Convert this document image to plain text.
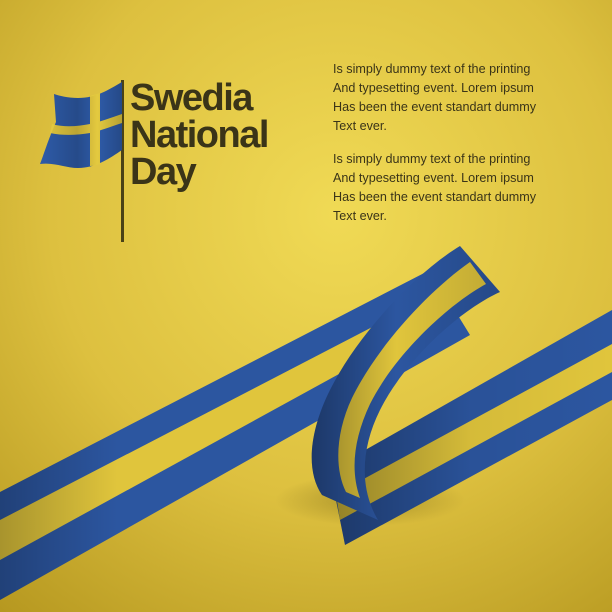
Swedia
National
Day

Is simply dummy text of the printing
And typesetting event. Lorem ipsum
Has been the event standart dummy
Text ever.

Is simply dummy text of the printing
And typesetting event. Lorem ipsum
Has been the event standart dummy
Text ever.
